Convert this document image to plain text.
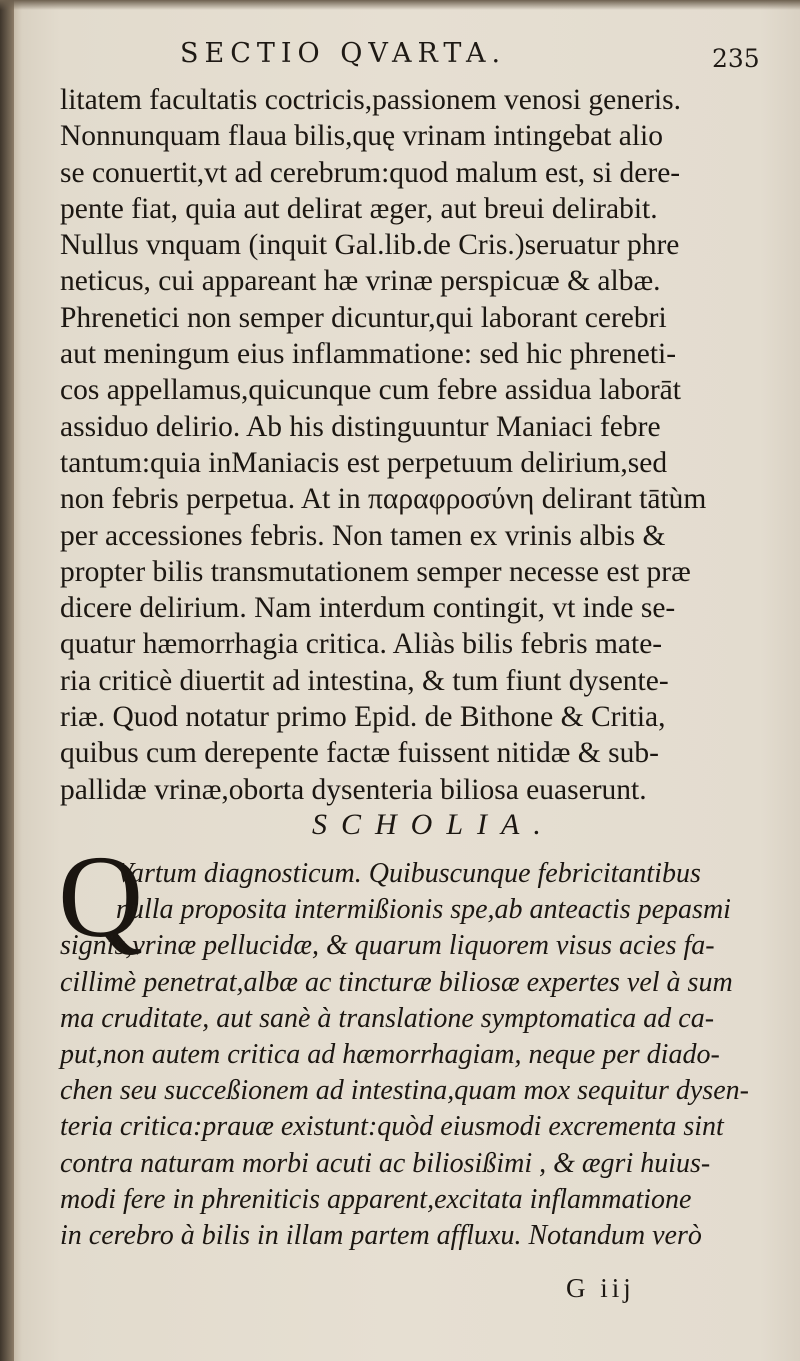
SECTIO QVARTA.	235
litatem facultatis coctricis,passionem venosi generis.
Nonnunquam flaua bilis,quę vrinam intingebat alio
se conuertit,vt ad cerebrum:quod malum est, si dere-
pente fiat, quia aut delirat æger, aut breui delirabit.
Nullus vnquam (inquit Gal.lib.de Cris.)seruatur phre
neticus, cui appareant hæ vrinæ perspicuæ & albæ.
Phrenetici non semper dicuntur,qui laborant cerebri
aut meningum eius inflammatione: sed hic phreneti-
cos appellamus,quicunque cum febre assidua laborāt
assiduo delirio. Ab his distinguuntur Maniaci febre
tantum:quia inManiacis est perpetuum delirium,sed
non febris perpetua. At in παραφροσύνη delirant tātùm
per accessiones febris. Non tamen ex vrinis albis &
propter bilis transmutationem semper necesse est præ
dicere delirium. Nam interdum contingit, vt inde se-
quatur hæmorrhagia critica. Aliàs bilis febris mate-
ria criticè diuertit ad intestina, & tum fiunt dysente-
riæ. Quod notatur primo Epid. de Bithone & Critia,
quibus cum derepente factæ fuissent nitidæ & sub-
pallidæ vrinæ,oborta dysenteria biliosa euaserunt.
SCHOLIA.
Q
Vartum diagnosticum. Quibuscunque febricitantibus
nulla proposita intermißionis spe,ab anteactis pepasmi
signis,vrinæ pellucidæ, & quarum liquorem visus acies fa-
cillimè penetrat,albæ ac tincturæ biliosæ expertes vel à sum
ma cruditate, aut sanè à translatione symptomatica ad ca-
put,non autem critica ad hæmorrhagiam, neque per diado-
chen seu succeßionem ad intestina,quam mox sequitur dysen-
teria critica:prauæ existunt:quòd eiusmodi excrementa sint
contra naturam morbi acuti ac biliosißimi , & ægri huius-
modi fere in phreniticis apparent,excitata inflammatione
in cerebro à bilis in illam partem affluxu. Notandum verò
G iij
